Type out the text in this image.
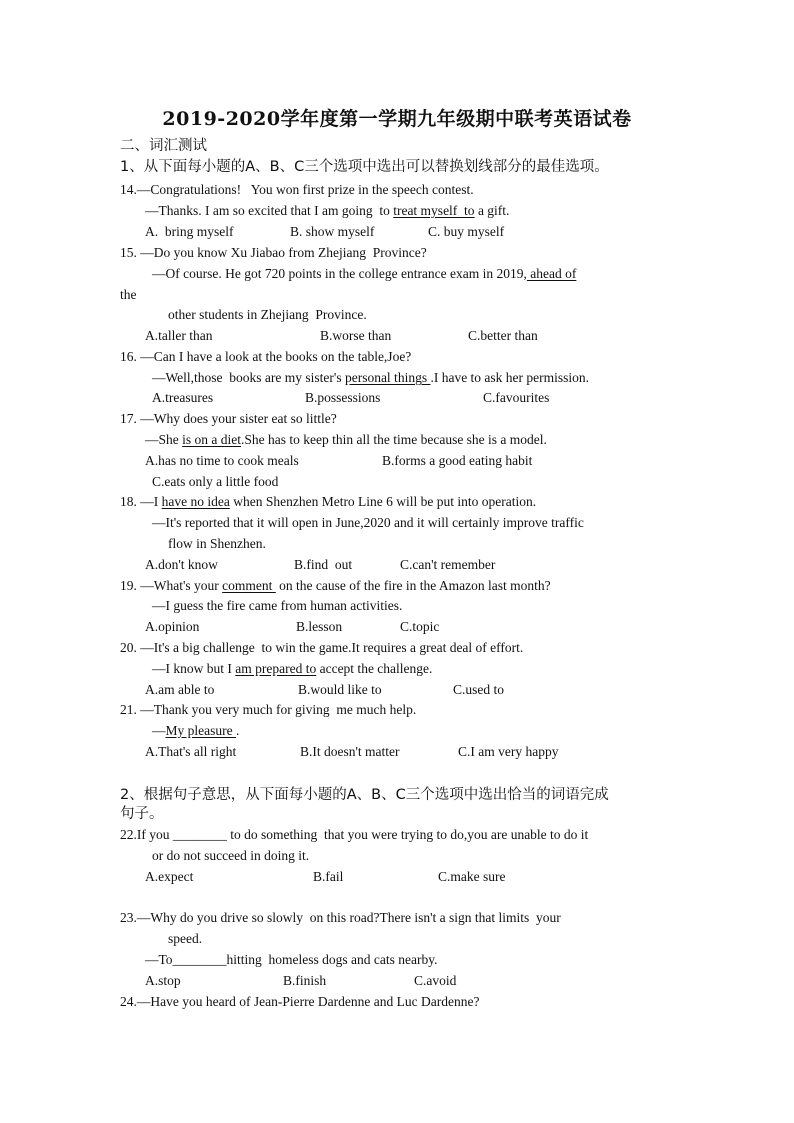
2019-2020学年度第一学期九年级期中联考英语试卷
二、词汇测试
1、从下面每小题的A、B、C三个选项中选出可以替换划线部分的最佳选项。
14.—Congratulations!   You won first prize in the speech contest.
—Thanks. I am so excited that I am going  to treat myself  to a gift.
A.  bring myself	B. show myself	C. buy myself
15. —Do you know Xu Jiabao from Zhejiang  Province?
—Of course. He got 720 points in the college entrance exam in 2019, ahead of
the
other students in Zhejiang  Province.
A.taller than	B.worse than	C.better than
16. —Can I have a look at the books on the table,Joe?
—Well,those  books are my sister's personal things .I have to ask her permission.
A.treasures	B.possessions	C.favourites
17. —Why does your sister eat so little?
—She is on a diet.She has to keep thin all the time because she is a model.
A.has no time to cook meals	B.forms a good eating habit
C.eats only a little food
18. —I have no idea when Shenzhen Metro Line 6 will be put into operation.
—It's reported that it will open in June,2020 and it will certainly improve traffic
flow in Shenzhen.
A.don't know	B.find  out	C.can't remember
19. —What's your comment  on the cause of the fire in the Amazon last month?
—I guess the fire came from human activities.
A.opinion	B.lesson	C.topic
20. —It's a big challenge  to win the game.It requires a great deal of effort.
—I know but I am prepared to accept the challenge.
A.am able to	B.would like to	C.used to
21. —Thank you very much for giving  me much help.
—My pleasure .
A.That's all right	B.It doesn't matter	C.I am very happy
2、根据句子意思，从下面每小题的A、B、C三个选项中选出恰当的词语完成
句子。
22.If you ________ to do something  that you were trying to do,you are unable to do it
or do not succeed in doing it.
A.expect	B.fail	C.make sure
23.—Why do you drive so slowly  on this road?There isn't a sign that limits  your
speed.
—To________hitting  homeless dogs and cats nearby.
A.stop	B.finish	C.avoid
24.—Have you heard of Jean-Pierre Dardenne and Luc Dardenne?
